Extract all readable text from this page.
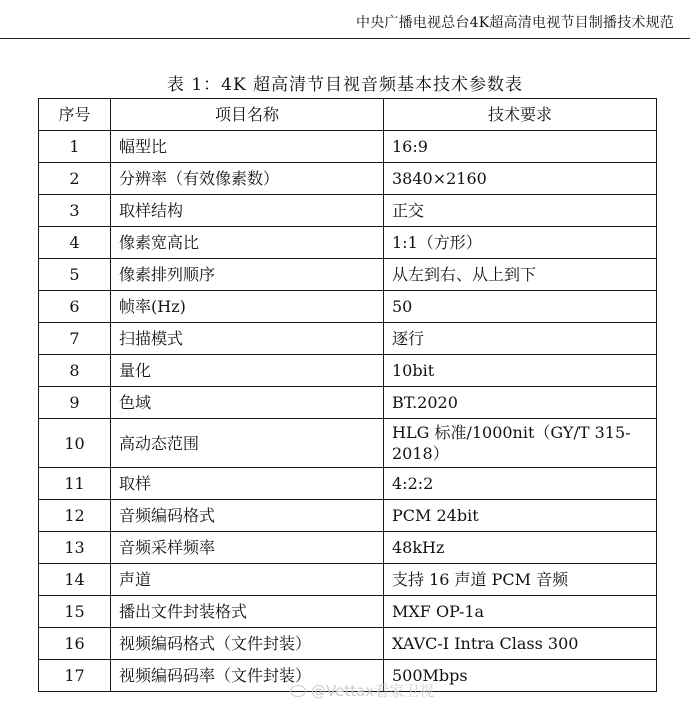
中央广播电视总台4K超高清电视节目制播技术规范
表 1：4K 超高清节目视音频基本技术参数表
序号	项目名称	技术要求
1	幅型比	16:9
2	分辨率（有效像素数）	3840×2160
3	取样结构	正交
4	像素宽高比	1:1（方形）
5	像素排列顺序	从左到右、从上到下
6	帧率(Hz)	50
7	扫描模式	逐行
8	量化	10bit
9	色域	BT.2020
10	高动态范围	HLG 标准/1000nit（GY/T 315-2018）
11	取样	4:2:2
12	音频编码格式	PCM 24bit
13	音频采样频率	48kHz
14	声道	支持 16 声道 PCM 音频
15	播出文件封装格式	MXF OP-1a
16	视频编码格式（文件封装）	XAVC-I Intra Class 300
17	视频编码码率（文件封装）	500Mbps
@Vettax看家卫视
